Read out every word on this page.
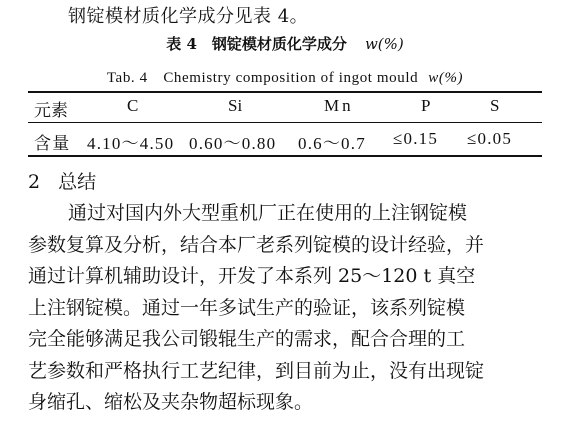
钢锭模材质化学成分见表 4。
表 4　钢锭模材质化学成分 w(%)
Tab. 4　Chemistry composition of ingot mould w(%)
元素	C	Si	Mn	P	S
含量 4.10～4.50 0.60～0.80 0.6～0.7 ≤0.15 ≤0.05
2 总结

通过对国内外大型重机厂正在使用的上注钢锭模

参数复算及分析，结合本厂老系列锭模的设计经验，并

通过计算机辅助设计，开发了本系列 25～120 t 真空

上注钢锭模。通过一年多试生产的验证，该系列锭模

完全能够满足我公司锻辊生产的需求，配合合理的工

艺参数和严格执行工艺纪律，到目前为止，没有出现锭

身缩孔、缩松及夹杂物超标现象。
